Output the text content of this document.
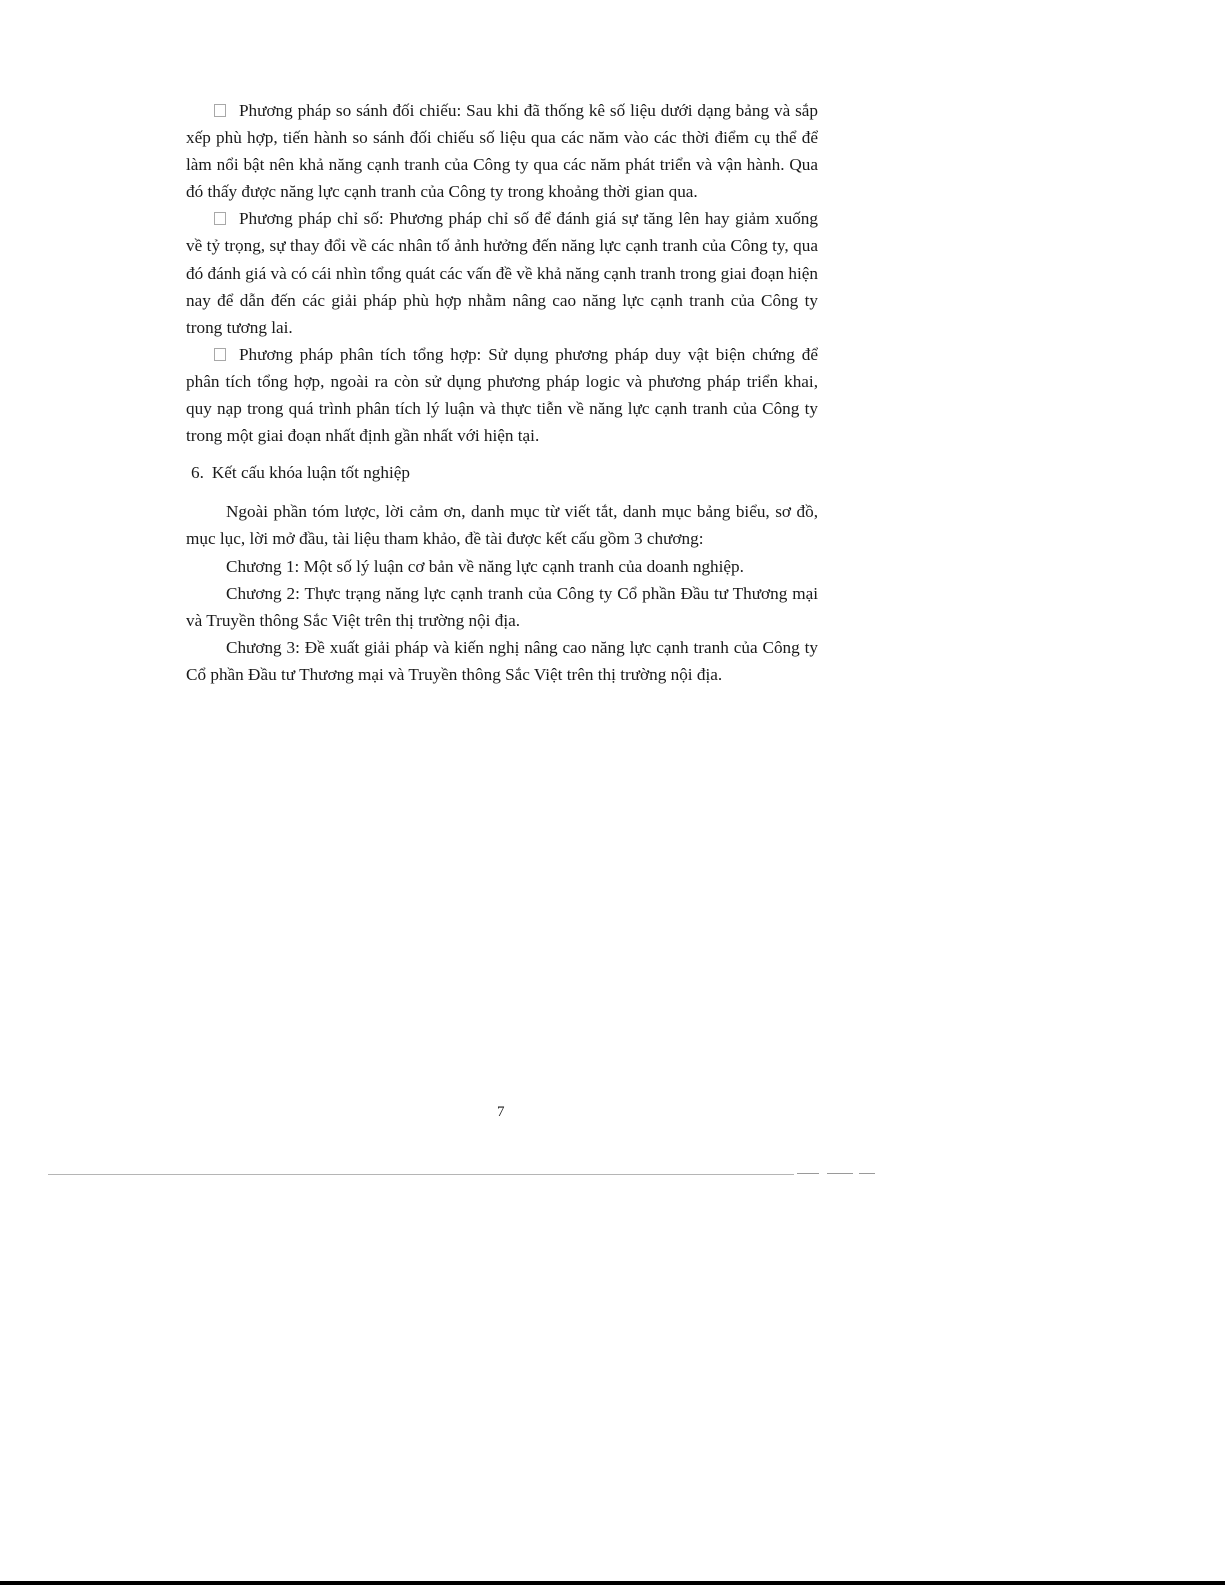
Phương pháp so sánh đối chiếu: Sau khi đã thống kê số liệu dưới dạng bảng và sắp xếp phù hợp, tiến hành so sánh đối chiếu số liệu qua các năm vào các thời điểm cụ thể để làm nổi bật nên khả năng cạnh tranh của Công ty qua các năm phát triển và vận hành. Qua đó thấy được năng lực cạnh tranh của Công ty trong khoảng thời gian qua.

Phương pháp chỉ số: Phương pháp chỉ số để đánh giá sự tăng lên hay giảm xuống về tỷ trọng, sự thay đổi về các nhân tố ảnh hưởng đến năng lực cạnh tranh của Công ty, qua đó đánh giá và có cái nhìn tổng quát các vấn đề về khả năng cạnh tranh trong giai đoạn hiện nay để dẫn đến các giải pháp phù hợp nhằm nâng cao năng lực cạnh tranh của Công ty trong tương lai.

Phương pháp phân tích tổng hợp: Sử dụng phương pháp duy vật biện chứng để phân tích tổng hợp, ngoài ra còn sử dụng phương pháp logic và phương pháp triển khai, quy nạp trong quá trình phân tích lý luận và thực tiễn về năng lực cạnh tranh của Công ty trong một giai đoạn nhất định gần nhất với hiện tại.

6. Kết cấu khóa luận tốt nghiệp

Ngoài phần tóm lược, lời cảm ơn, danh mục từ viết tắt, danh mục bảng biểu, sơ đồ, mục lục, lời mở đầu, tài liệu tham khảo, đề tài được kết cấu gồm 3 chương:

Chương 1: Một số lý luận cơ bản về năng lực cạnh tranh của doanh nghiệp.

Chương 2: Thực trạng năng lực cạnh tranh của Công ty Cổ phần Đầu tư Thương mại và Truyền thông Sắc Việt trên thị trường nội địa.

Chương 3: Đề xuất giải pháp và kiến nghị nâng cao năng lực cạnh tranh của Công ty Cổ phần Đầu tư Thương mại và Truyền thông Sắc Việt trên thị trường nội địa.

7
